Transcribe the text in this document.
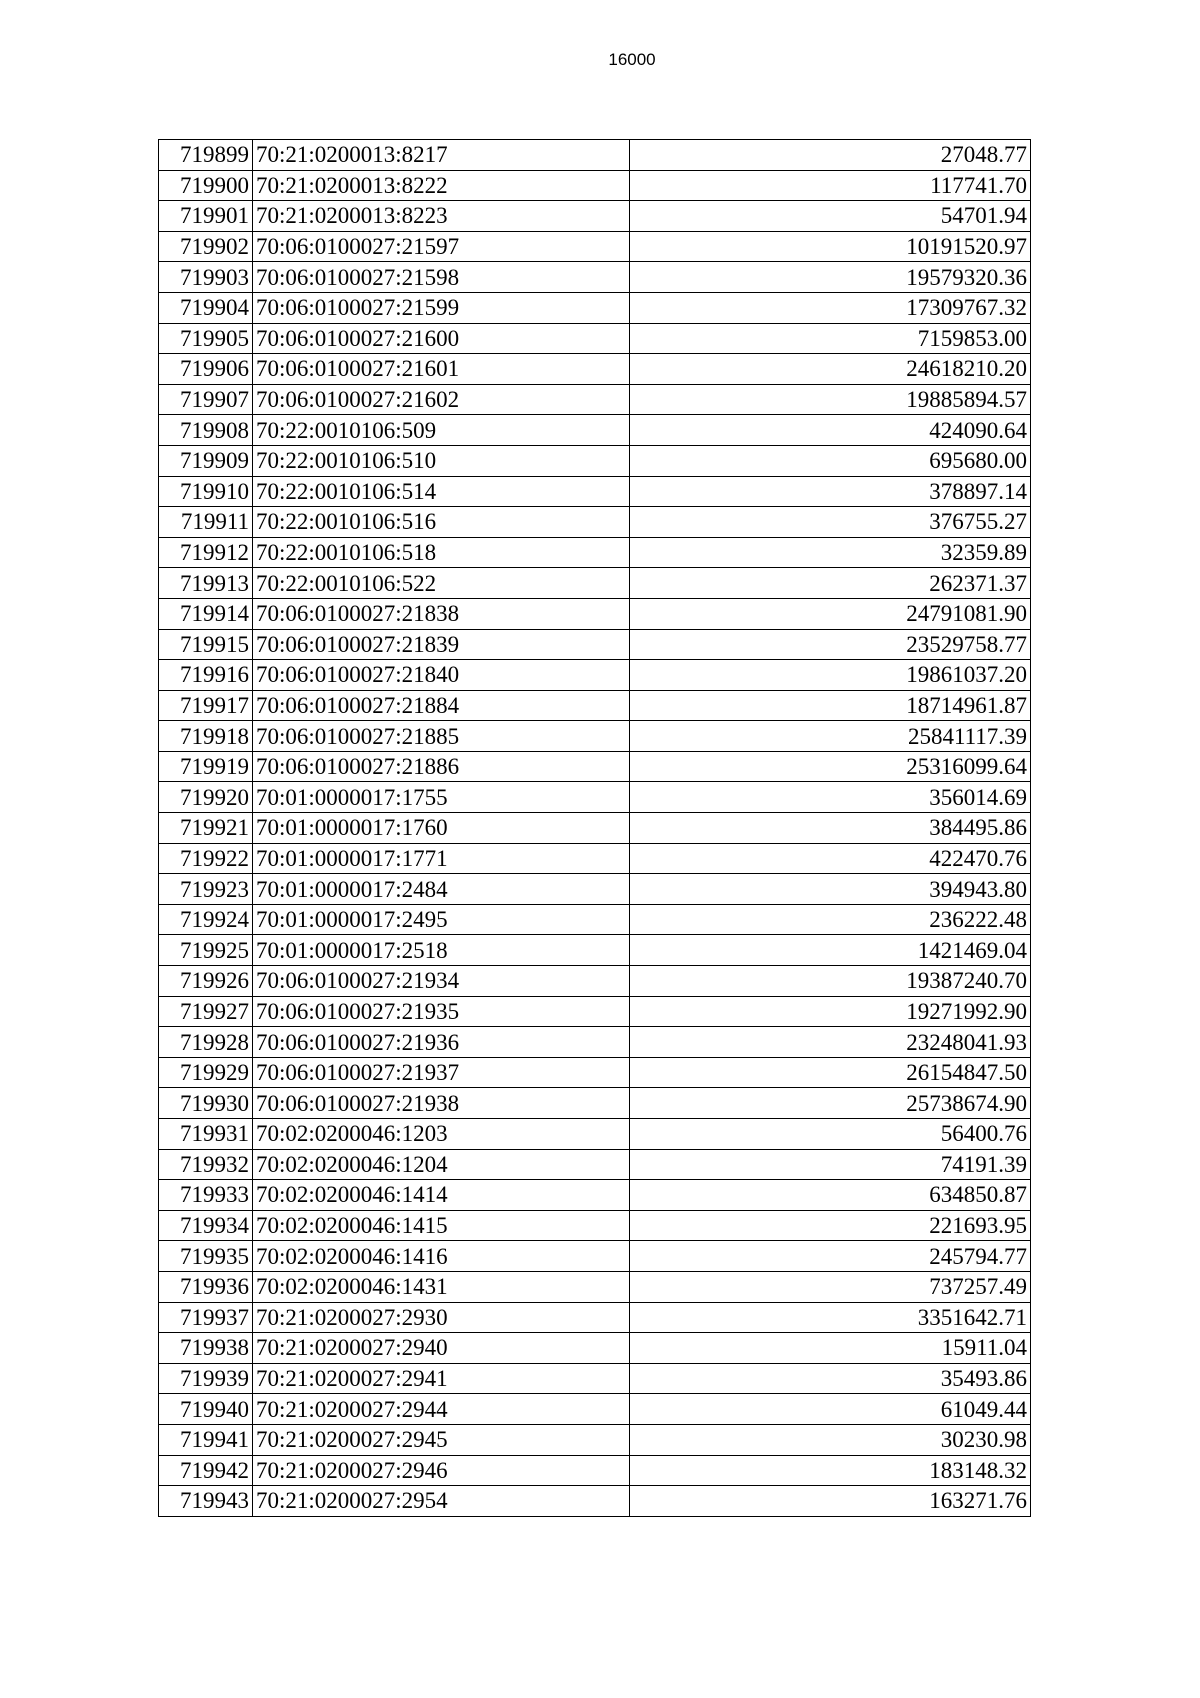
16000
719899	70:21:0200013:8217	27048.77
719900	70:21:0200013:8222	117741.70
719901	70:21:0200013:8223	54701.94
719902	70:06:0100027:21597	10191520.97
719903	70:06:0100027:21598	19579320.36
719904	70:06:0100027:21599	17309767.32
719905	70:06:0100027:21600	7159853.00
719906	70:06:0100027:21601	24618210.20
719907	70:06:0100027:21602	19885894.57
719908	70:22:0010106:509	424090.64
719909	70:22:0010106:510	695680.00
719910	70:22:0010106:514	378897.14
719911	70:22:0010106:516	376755.27
719912	70:22:0010106:518	32359.89
719913	70:22:0010106:522	262371.37
719914	70:06:0100027:21838	24791081.90
719915	70:06:0100027:21839	23529758.77
719916	70:06:0100027:21840	19861037.20
719917	70:06:0100027:21884	18714961.87
719918	70:06:0100027:21885	25841117.39
719919	70:06:0100027:21886	25316099.64
719920	70:01:0000017:1755	356014.69
719921	70:01:0000017:1760	384495.86
719922	70:01:0000017:1771	422470.76
719923	70:01:0000017:2484	394943.80
719924	70:01:0000017:2495	236222.48
719925	70:01:0000017:2518	1421469.04
719926	70:06:0100027:21934	19387240.70
719927	70:06:0100027:21935	19271992.90
719928	70:06:0100027:21936	23248041.93
719929	70:06:0100027:21937	26154847.50
719930	70:06:0100027:21938	25738674.90
719931	70:02:0200046:1203	56400.76
719932	70:02:0200046:1204	74191.39
719933	70:02:0200046:1414	634850.87
719934	70:02:0200046:1415	221693.95
719935	70:02:0200046:1416	245794.77
719936	70:02:0200046:1431	737257.49
719937	70:21:0200027:2930	3351642.71
719938	70:21:0200027:2940	15911.04
719939	70:21:0200027:2941	35493.86
719940	70:21:0200027:2944	61049.44
719941	70:21:0200027:2945	30230.98
719942	70:21:0200027:2946	183148.32
719943	70:21:0200027:2954	163271.76
